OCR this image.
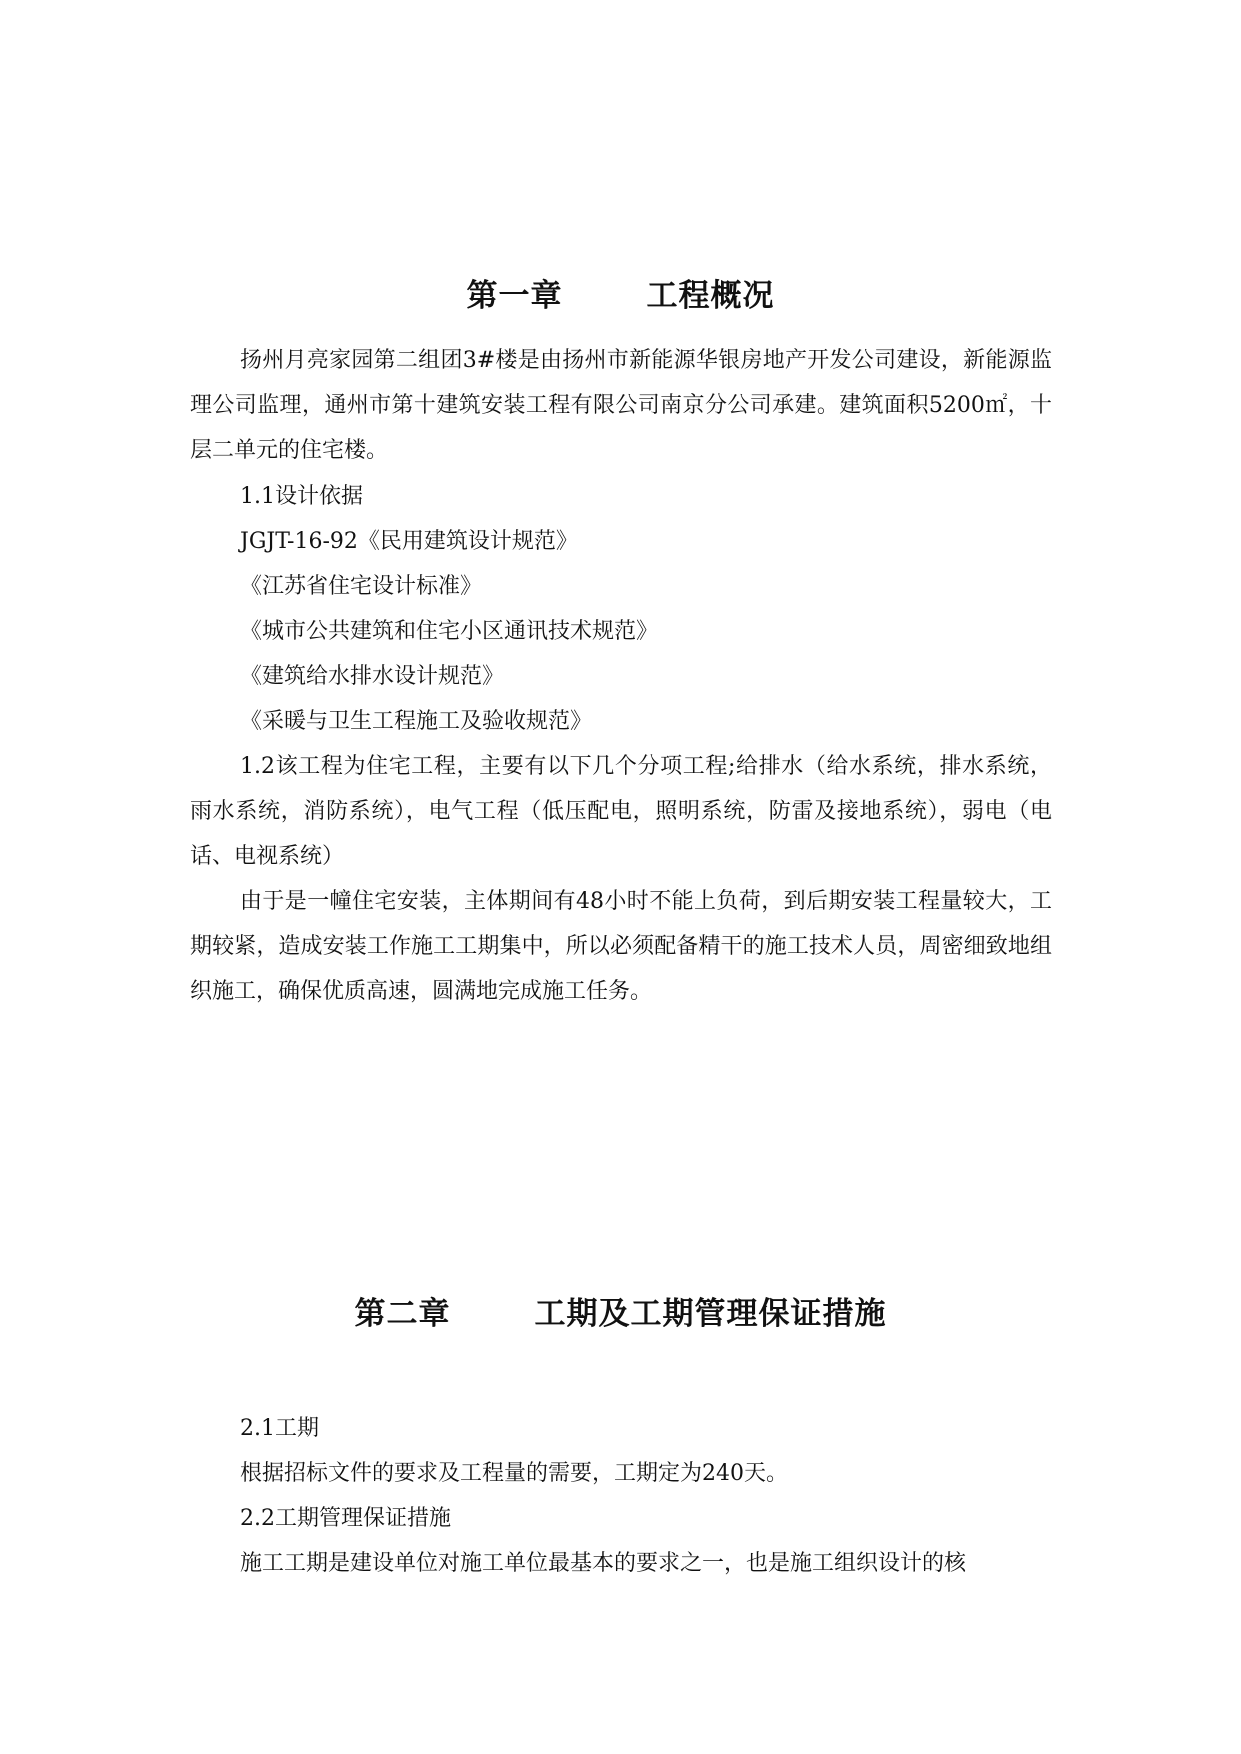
第一章	工程概况

扬州月亮家园第二组团3#楼是由扬州市新能源华银房地产开发公司建设，新能源监理公司监理，通州市第十建筑安装工程有限公司南京分公司承建。建筑面积5200㎡，十层二单元的住宅楼。

1.1设计依据
JGJT-16-92《民用建筑设计规范》
《江苏省住宅设计标准》
《城市公共建筑和住宅小区通讯技术规范》
《建筑给水排水设计规范》
《采暖与卫生工程施工及验收规范》

1.2该工程为住宅工程，主要有以下几个分项工程;给排水（给水系统，排水系统，雨水系统，消防系统），电气工程（低压配电，照明系统，防雷及接地系统），弱电（电话、电视系统）

由于是一幢住宅安装，主体期间有48小时不能上负荷，到后期安装工程量较大，工期较紧，造成安装工作施工工期集中，所以必须配备精干的施工技术人员，周密细致地组织施工，确保优质高速，圆满地完成施工任务。

第二章	工期及工期管理保证措施
2.1工期
根据招标文件的要求及工程量的需要，工期定为240天。
2.2工期管理保证措施
施工工期是建设单位对施工单位最基本的要求之一，也是施工组织设计的核
